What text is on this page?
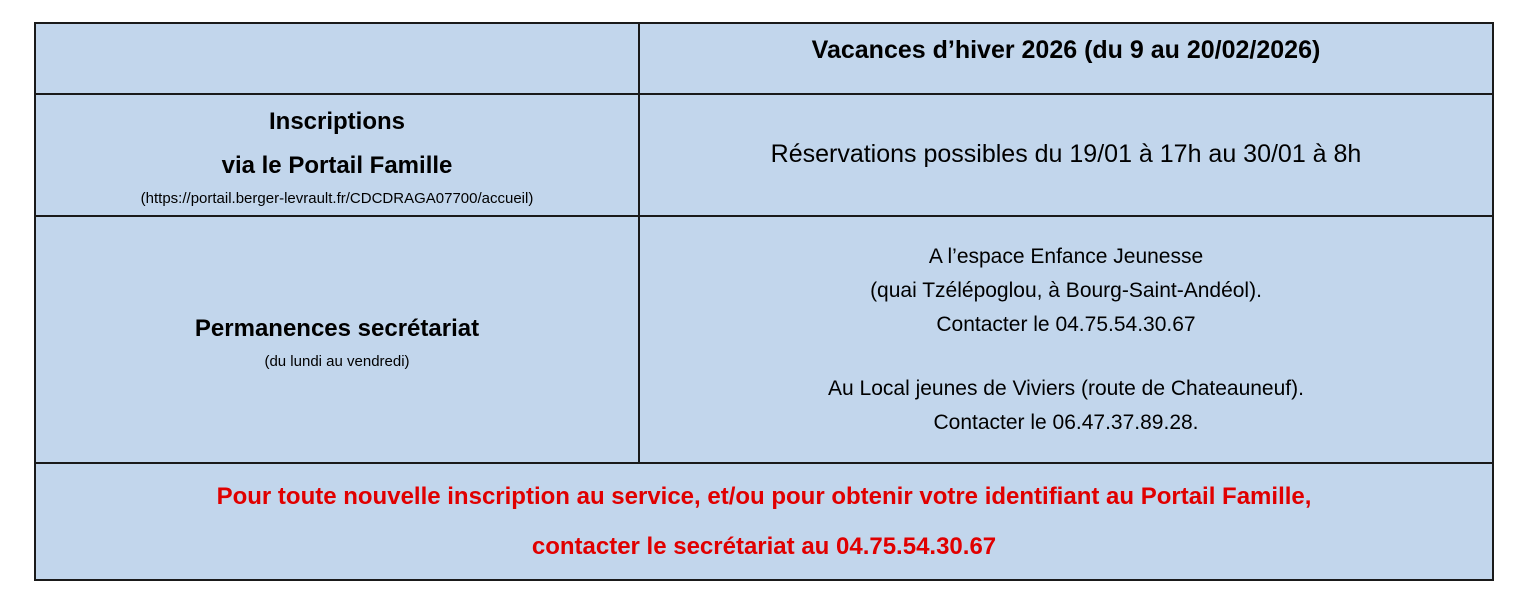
	Vacances d’hiver 2026 (du 9 au 20/02/2026)

Inscriptions
via le Portail Famille
(https://portail.berger-levrault.fr/CDCDRAGA07700/accueil)	Réservations possibles du 19/01 à 17h au 30/01 à 8h

Permanences secrétariat
(du lundi au vendredi)	A l’espace Enfance Jeunesse
(quai Tzélépoglou, à Bourg-Saint-Andéol).
Contacter le 04.75.54.30.67
Au Local jeunes de Viviers (route de Chateauneuf).
Contacter le 06.47.37.89.28.

Pour toute nouvelle inscription au service, et/ou pour obtenir votre identifiant au Portail Famille,
contacter le secrétariat au 04.75.54.30.67	
